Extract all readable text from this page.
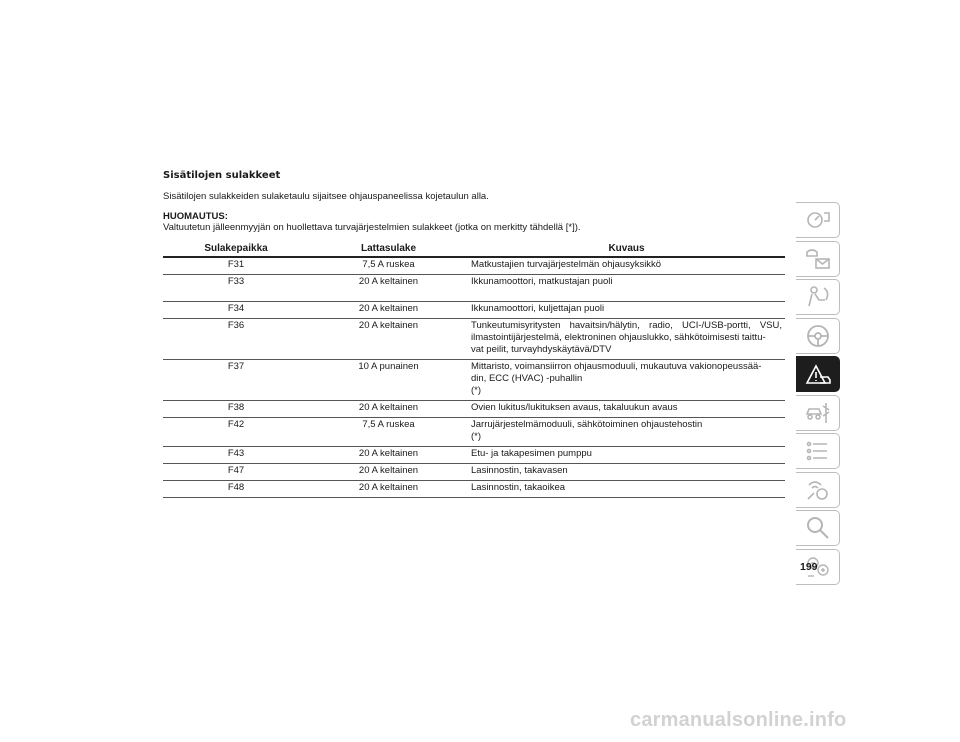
Sisätilojen sulakkeet

Sisätilojen sulakkeiden sulaketaulu sijaitsee ohjauspaneelissa kojetaulun alla.

HUOMAUTUS:

Valtuutetun jälleenmyyjän on huollettava turvajärjestelmien sulakkeet (jotka on merkitty tähdellä [*]).

Sulakepaikka	Lattasulake	Kuvaus
F31	7,5 A ruskea	Matkustajien turvajärjestelmän ohjausyksikkö

F33	20 A keltainen	Ikkunamoottori, matkustajan puoli

F34	20 A keltainen	Ikkunamoottori, kuljettajan puoli

F36	20 A keltainen	Tunkeutumisyritysten havaitsin/hälytin, radio, UCI-/USB-portti, VSU, ilmastointijärjestelmä, elektroninen ohjauslukko, sähkötoimisesti taittu-
vat peilit, turvayhdyskäytävä/DTV

F37	10 A punainen	Mittaristo, voimansiirron ohjausmoduuli, mukautuva vakionopeussää-
din, ECC (HVAC) -puhallin
(*)

F38	20 A keltainen	Ovien lukitus/lukituksen avaus, takaluukun avaus

F42	7,5 A ruskea	Jarrujärjestelmämoduuli, sähkötoiminen ohjaustehostin
(*)

F43	20 A keltainen	Etu- ja takapesimen pumppu

F47	20 A keltainen	Lasinnostin, takavasen

F48	20 A keltainen	Lasinnostin, takaoikea
199
carmanualsonline.info
